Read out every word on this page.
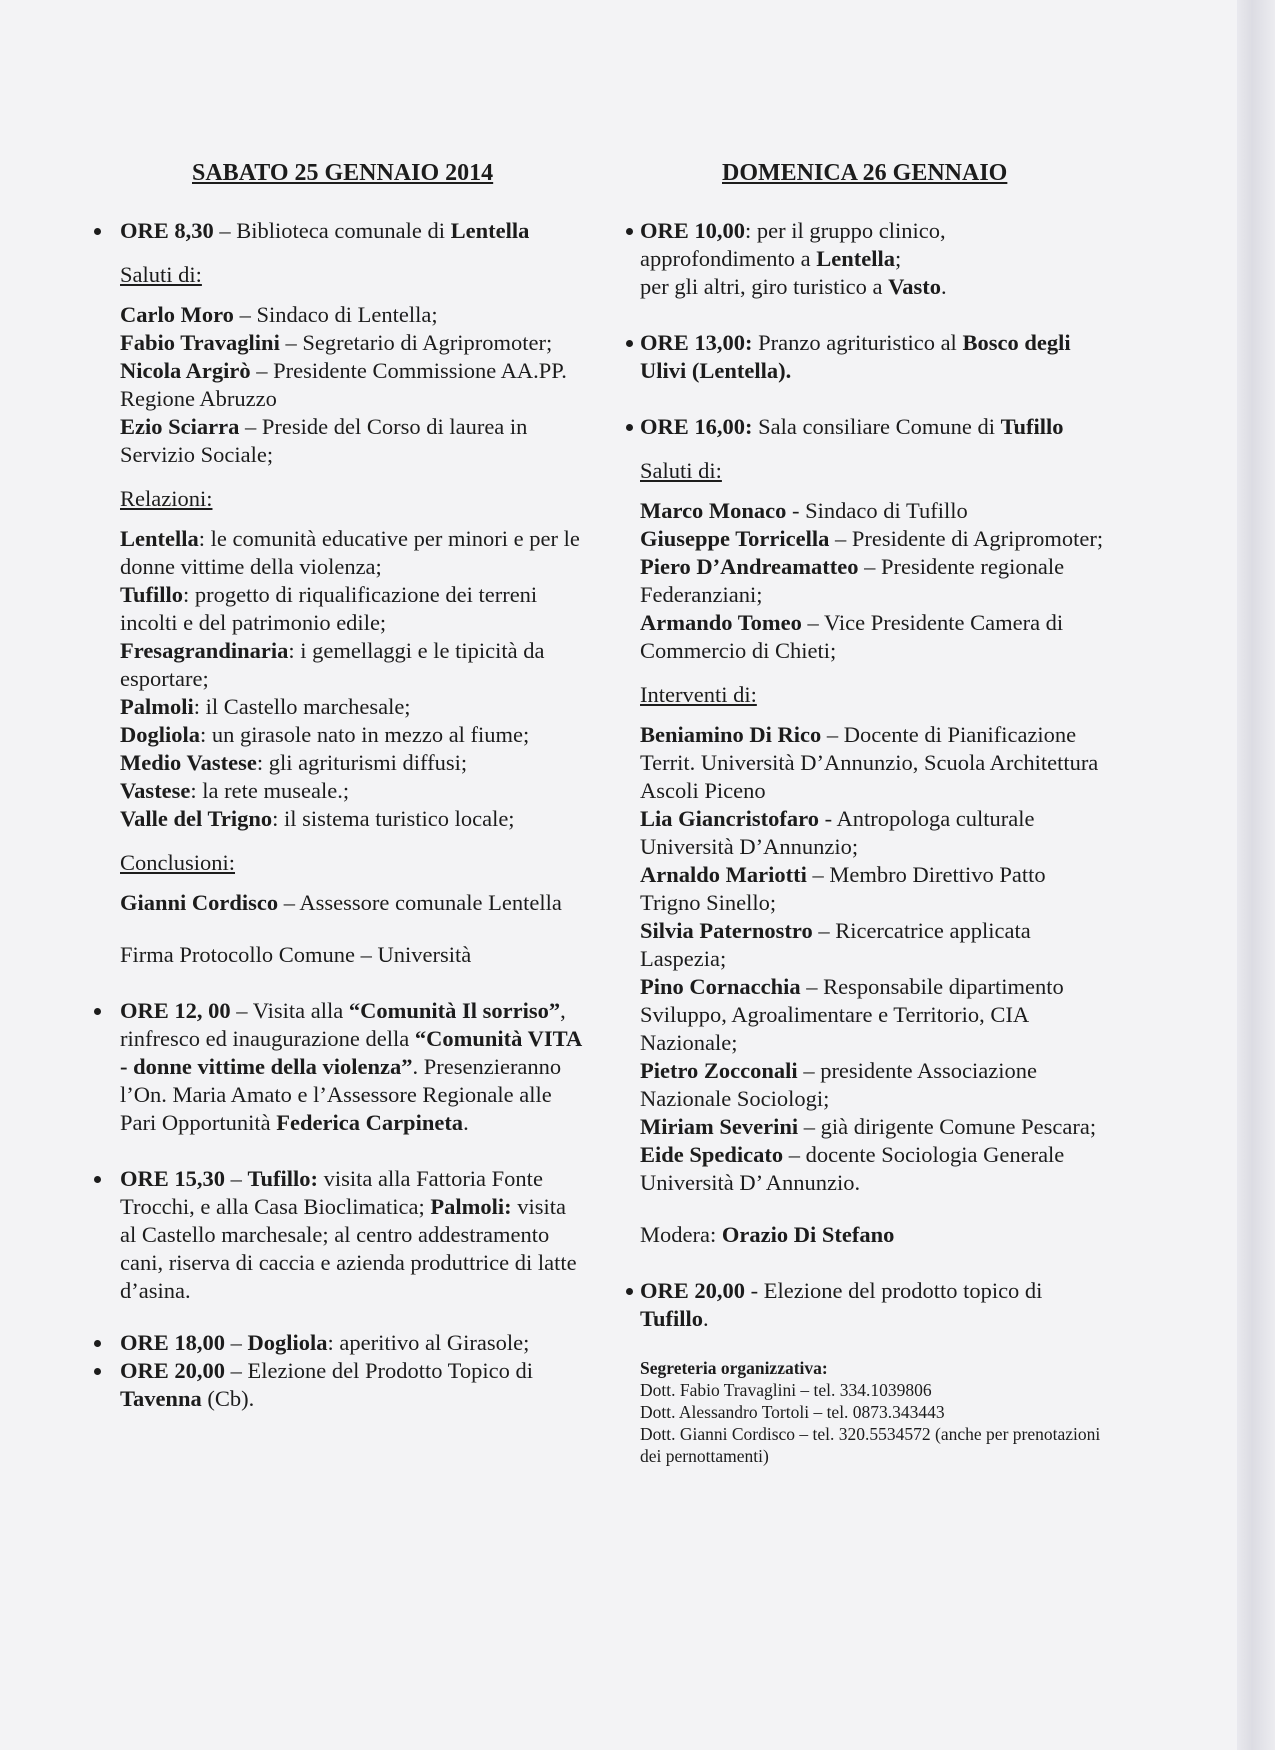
SABATO 25 GENNAIO 2014
ORE 8,30 – Biblioteca comunale di Lentella
Saluti di:
Carlo Moro – Sindaco di Lentella;
Fabio Travaglini – Segretario di Agripromoter;
Nicola Argirò – Presidente Commissione AA.PP. Regione Abruzzo
Ezio Sciarra – Preside del Corso di laurea in Servizio Sociale;
Relazioni:
Lentella: le comunità educative per minori e per le donne vittime della violenza;
Tufillo: progetto di riqualificazione dei terreni incolti e del patrimonio edile;
Fresagrandinaria: i gemellaggi e le tipicità da esportare;
Palmoli: il Castello marchesale;
Dogliola: un girasole nato in mezzo al fiume;
Medio Vastese: gli agriturismi diffusi;
Vastese: la rete museale.;
Valle del Trigno: il sistema turistico locale;
Conclusioni:
Gianni Cordisco – Assessore comunale Lentella
Firma Protocollo Comune – Università
ORE 12, 00 – Visita alla “Comunità Il sorriso”, rinfresco ed inaugurazione della “Comunità VITA - donne vittime della violenza”. Presenzieranno l’On. Maria Amato e l’Assessore Regionale alle Pari Opportunità Federica Carpineta.
ORE 15,30 – Tufillo: visita alla Fattoria Fonte Trocchi, e alla Casa Bioclimatica; Palmoli: visita al Castello marchesale; al centro addestramento cani, riserva di caccia e azienda produttrice di latte d’asina.
ORE 18,00 – Dogliola: aperitivo al Girasole;
ORE 20,00 – Elezione del Prodotto Topico di Tavenna (Cb).
DOMENICA 26 GENNAIO
ORE 10,00: per il gruppo clinico, approfondimento a Lentella;
per gli altri, giro turistico a Vasto.
ORE 13,00: Pranzo agrituristico al Bosco degli Ulivi (Lentella).
ORE 16,00: Sala consiliare Comune di Tufillo
Saluti di:
Marco Monaco - Sindaco di Tufillo
Giuseppe Torricella – Presidente di Agripromoter;
Piero D’Andreamatteo – Presidente regionale Federanziani;
Armando Tomeo – Vice Presidente Camera di Commercio di Chieti;
Interventi di:
Beniamino Di Rico – Docente di Pianificazione Territ. Università D’Annunzio, Scuola Architettura Ascoli Piceno
Lia Giancristofaro - Antropologa culturale Università D’Annunzio;
Arnaldo Mariotti – Membro Direttivo Patto Trigno Sinello;
Silvia Paternostro – Ricercatrice applicata Laspezia;
Pino Cornacchia – Responsabile dipartimento Sviluppo, Agroalimentare e Territorio, CIA Nazionale;
Pietro Zocconali – presidente Associazione Nazionale Sociologi;
Miriam Severini – già dirigente Comune Pescara;
Eide Spedicato – docente Sociologia Generale Università D’ Annunzio.
Modera: Orazio Di Stefano
ORE 20,00 - Elezione del prodotto topico di Tufillo.
Segreteria organizzativa:
Dott. Fabio Travaglini – tel. 334.1039806
Dott. Alessandro Tortoli – tel. 0873.343443
Dott. Gianni Cordisco – tel. 320.5534572 (anche per prenotazioni dei pernottamenti)
